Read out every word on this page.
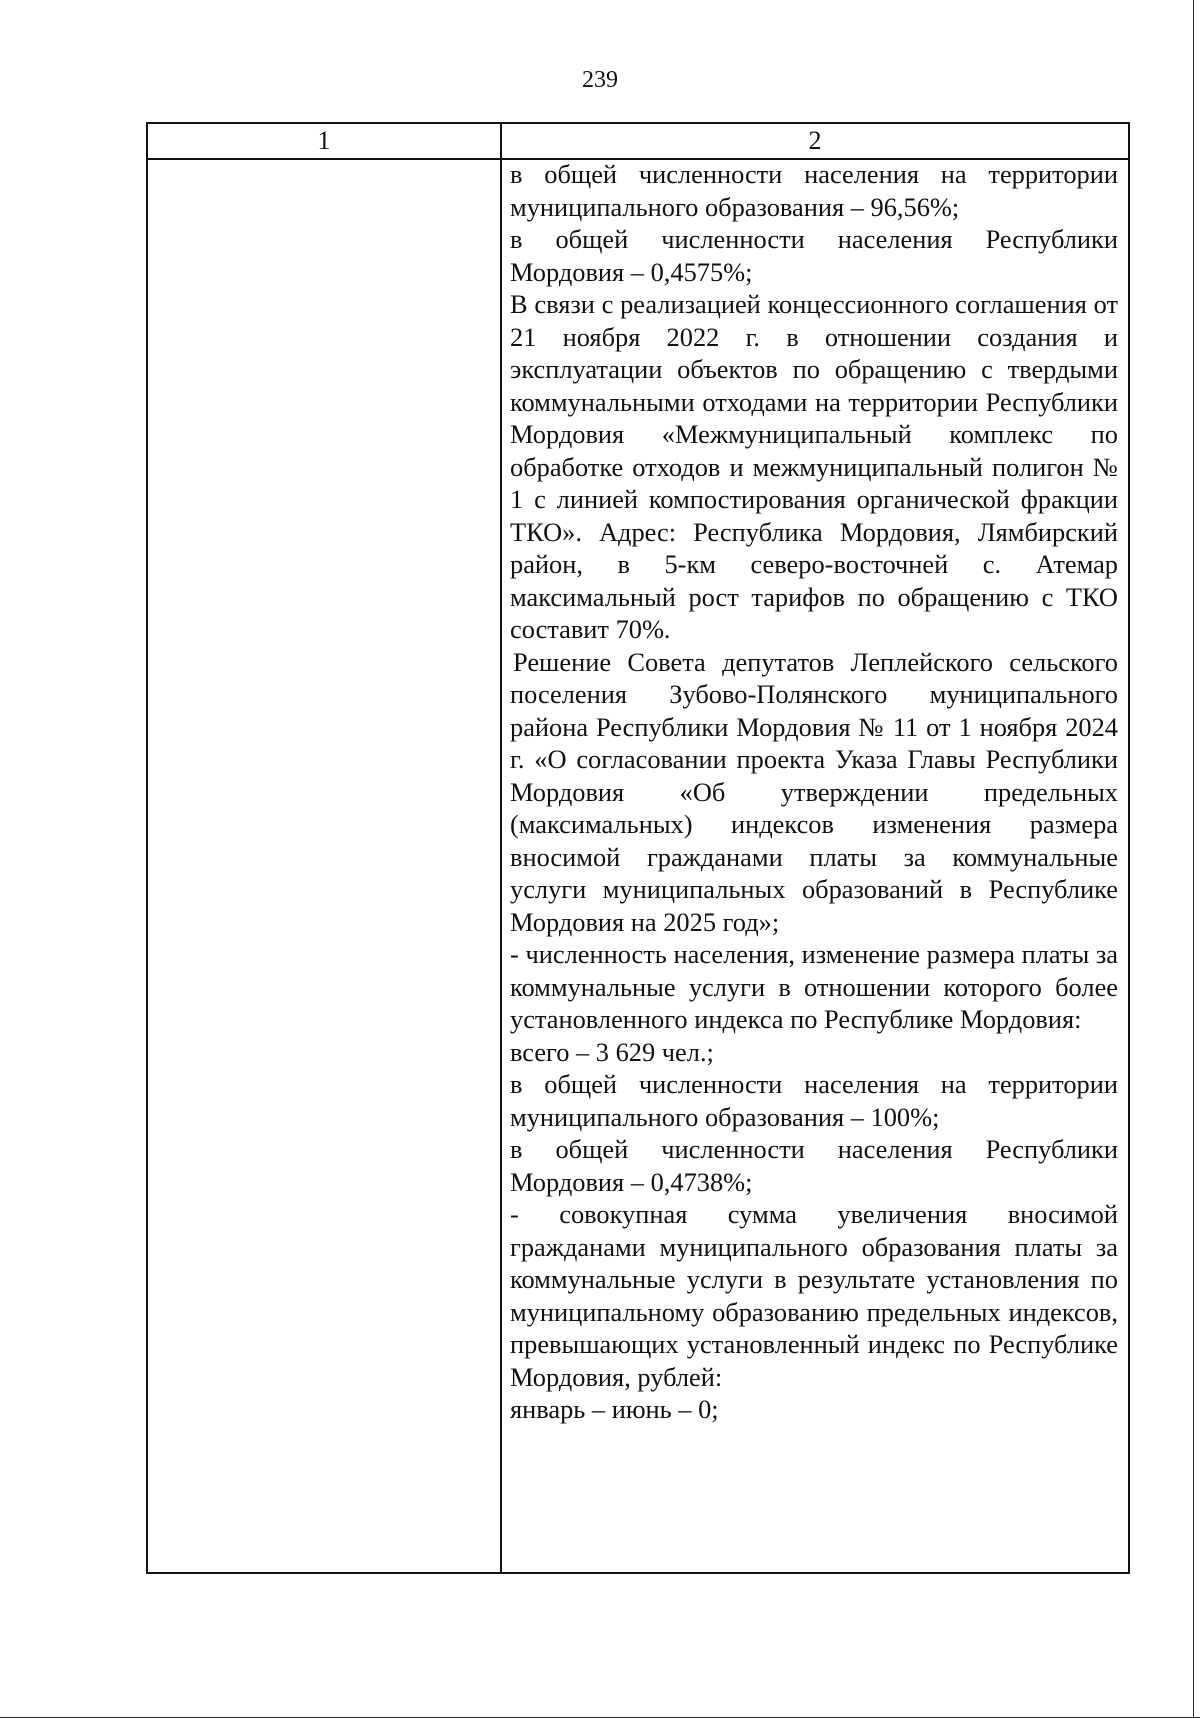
239
1	2

в общей численности населения на территории муниципального образования – 96,56%;

в общей численности населения Республики Мордовия – 0,4575%;

В связи с реализацией концессионного соглашения от 21 ноября 2022 г. в отношении создания и эксплуатации объектов по обращению с твердыми коммунальными отходами на территории Республики Мордовия «Межмуниципальный комплекс по обработке отходов и межмуниципальный полигон № 1 с линией компостирования органической фракции ТКО». Адрес: Республика Мордовия, Лямбирский район, в 5-км северо-восточней с. Атемар максимальный рост тарифов по обращению с ТКО составит 70%.

Решение Совета депутатов Леплейского сельского поселения Зубово-Полянского муниципального района Республики Мордовия № 11 от 1 ноября 2024 г. «О согласовании проекта Указа Главы Республики Мордовия «Об утверждении предельных (максимальных) индексов изменения размера вносимой гражданами платы за коммунальные услуги муниципальных образований в Республике Мордовия на 2025 год»;

- численность населения, изменение размера платы за коммунальные услуги в отношении которого более установленного индекса по Республике Мордовия:

всего – 3 629 чел.;

в общей численности населения на территории муниципального образования – 100%;

в общей численности населения Республики Мордовия – 0,4738%;

- совокупная сумма увеличения вносимой гражданами муниципального образования платы за коммунальные услуги в результате установления по муниципальному образованию предельных индексов, превышающих установленный индекс по Республике Мордовия, рублей:

январь – июнь – 0;
